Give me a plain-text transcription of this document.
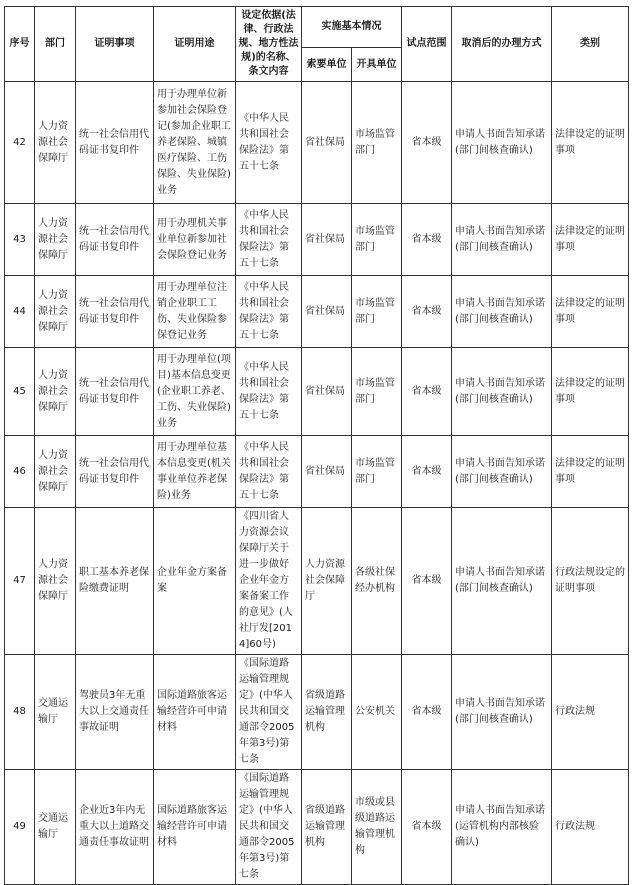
序号	部门	证明事项	证明用途	设定依据(法律、行政法规、地方性法规)的名称、条文内容	实施基本情况		试点范围	取消后的办理方式	类别
					索要单位	开具单位			
42	人力资源社会保障厅	统一社会信用代码证书复印件	用于办理单位新参加社会保险登记(参加企业职工养老保险、城镇医疗保险、工伤保险、失业保险)业务	《中华人民共和国社会保险法》第五十七条	省社保局	市场监管部门	省本级	申请人书面告知承诺(部门间核查确认)	法律设定的证明事项
43	人力资源社会保障厅	统一社会信用代码证书复印件	用于办理机关事业单位新参加社会保险登记业务	《中华人民共和国社会保险法》第五十七条	省社保局	市场监管部门	省本级	申请人书面告知承诺(部门间核查确认)	法律设定的证明事项
44	人力资源社会保障厅	统一社会信用代码证书复印件	用于办理单位注销企业职工工伤、失业保险参保登记业务	《中华人民共和国社会保险法》第五十七条	省社保局	市场监管部门	省本级	申请人书面告知承诺(部门间核查确认)	法律设定的证明事项
45	人力资源社会保障厅	统一社会信用代码证书复印件	用于办理单位(项目)基本信息变更(企业职工养老、工伤、失业保险)业务	《中华人民共和国社会保险法》第五十七条	省社保局	市场监管部门	省本级	申请人书面告知承诺(部门间核查确认)	法律设定的证明事项
46	人力资源社会保障厅	统一社会信用代码证书复印件	用于办理单位基本信息变更(机关事业单位养老保险)业务	《中华人民共和国社会保险法》第五十七条	省社保局	市场监管部门	省本级	申请人书面告知承诺(部门间核查确认)	法律设定的证明事项
47	人力资源社会保障厅	职工基本养老保险缴费证明	企业年金方案备案	《四川省人力资源会议保障厅关于进一步做好企业年金方案备案工作的意见》(人社厅发[2014]60号)	人力资源社会保障厅	各级社保经办机构	省本级	申请人书面告知承诺(部门间核查确认)	行政法规设定的证明事项
48	交通运输厅	驾驶员3年无重大以上交通责任事故证明	国际道路旅客运输经营许可申请材料	《国际道路运输管理规定》(中华人民共和国交通部令2005年第3号)第七条	省级道路运输管理机构	公安机关	省本级	申请人书面告知承诺(部门间核查确认)	行政法规
49	交通运输厅	企业近3年内无重大以上道路交通责任事故证明	国际道路旅客运输经营许可申请材料	《国际道路运输管理规定》(中华人民共和国交通部令2005年第3号)第七条	省级道路运输管理机构	市级或县级道路运输管理机构	省本级	申请人书面告知承诺(运管机构内部核验确认)	行政法规
